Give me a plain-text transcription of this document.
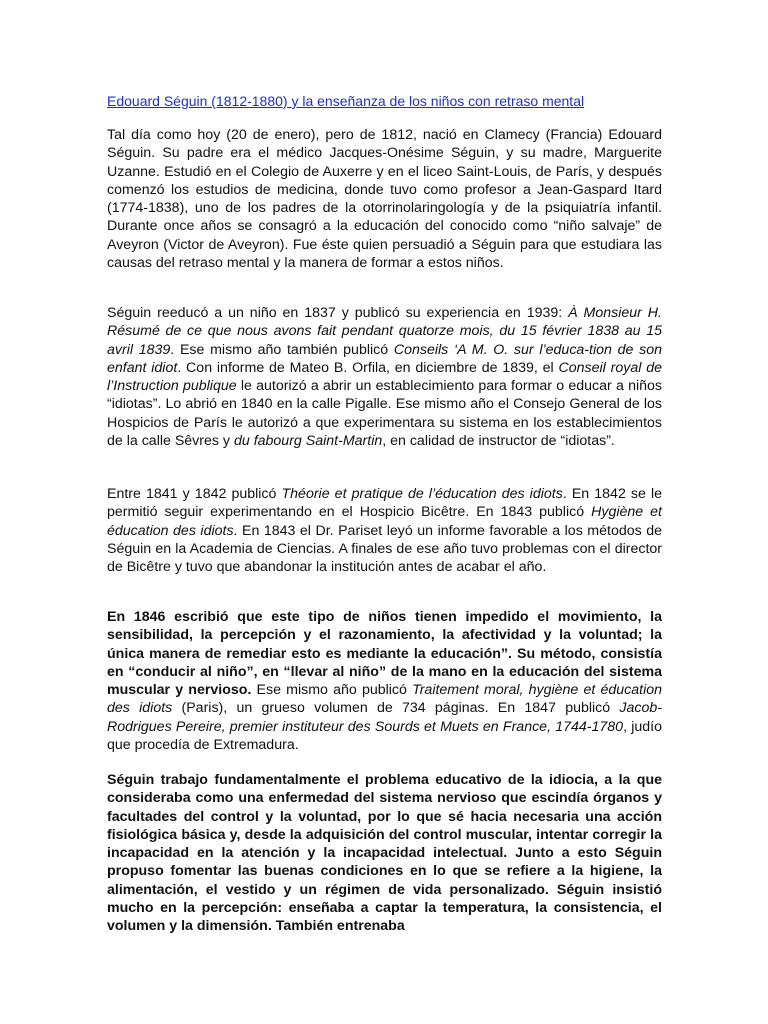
Edouard Séguin (1812-1880) y la enseñanza de los niños con retraso mental

Tal día como hoy (20 de enero), pero de 1812, nació en Clamecy (Francia) Edouard Séguin. Su padre era el médico Jacques-Onésime Séguin, y su madre, Marguerite Uzanne. Estudió en el Colegio de Auxerre y en el liceo Saint-Louis, de París, y después comenzó los estudios de medicina, donde tuvo como profesor a Jean-Gaspard Itard (1774-1838), uno de los padres de la otorrinolaringología y de la psiquiatría infantil. Durante once años se consagró a la educación del conocido como “niño salvaje” de Aveyron (Victor de Aveyron). Fue éste quien persuadió a Séguin para que estudiara las causas del retraso mental y la manera de formar a estos niños.

Séguin reeducó a un niño en 1837 y publicó su experiencia en 1939: À Monsieur H. Résumé de ce que nous avons fait pendant quatorze mois, du 15 février 1838 au 15 avril 1839. Ese mismo año también publicó Conseils ‘A M. O. sur l’educa-tion de son enfant idiot. Con informe de Mateo B. Orfila, en diciembre de 1839, el Conseil royal de l’Instruction publique le autorizó a abrir un establecimiento para formar o educar a niños “idiotas”. Lo abrió en 1840 en la calle Pigalle. Ese mismo año el Consejo General de los Hospicios de París le autorizó a que experimentara su sistema en los establecimientos de la calle Sêvres y du fabourg Saint-Martin, en calidad de instructor de “idiotas”.

Entre 1841 y 1842 publicó Théorie et pratique de l’éducation des idiots. En 1842 se le permitió seguir experimentando en el Hospicio Bicêtre. En 1843 publicó Hygiène et éducation des idiots. En 1843 el Dr. Pariset leyó un informe favorable a los métodos de Séguin en la Academia de Ciencias. A finales de ese año tuvo problemas con el director de Bicêtre y tuvo que abandonar la institución antes de acabar el año.

En 1846 escribió que este tipo de niños tienen impedido el movimiento, la sensibilidad, la percepción y el razonamiento, la afectividad y la voluntad; la única manera de remediar esto es mediante la educación”. Su método, consistía en “conducir al niño”, en “llevar al niño” de la mano en la educación del sistema muscular y nervioso. Ese mismo año publicó Traitement moral, hygiène et éducation des idiots (Paris), un grueso volumen de 734 páginas. En 1847 publicó Jacob-Rodrigues Pereire, premier instituteur des Sourds et Muets en France, 1744-1780, judío que procedía de Extremadura.

Séguin trabajo fundamentalmente el problema educativo de la idiocia, a la que consideraba como una enfermedad del sistema nervioso que escindía órganos y facultades del control y la voluntad, por lo que sé hacia necesaria una acción fisiológica básica y, desde la adquisición del control muscular, intentar corregir la incapacidad en la atención y la incapacidad intelectual. Junto a esto Séguin propuso fomentar las buenas condiciones en lo que se refiere a la higiene, la alimentación, el vestido y un régimen de vida personalizado. Séguin insistió mucho en la percepción: enseñaba a captar la temperatura, la consistencia, el volumen y la dimensión. También entrenaba
